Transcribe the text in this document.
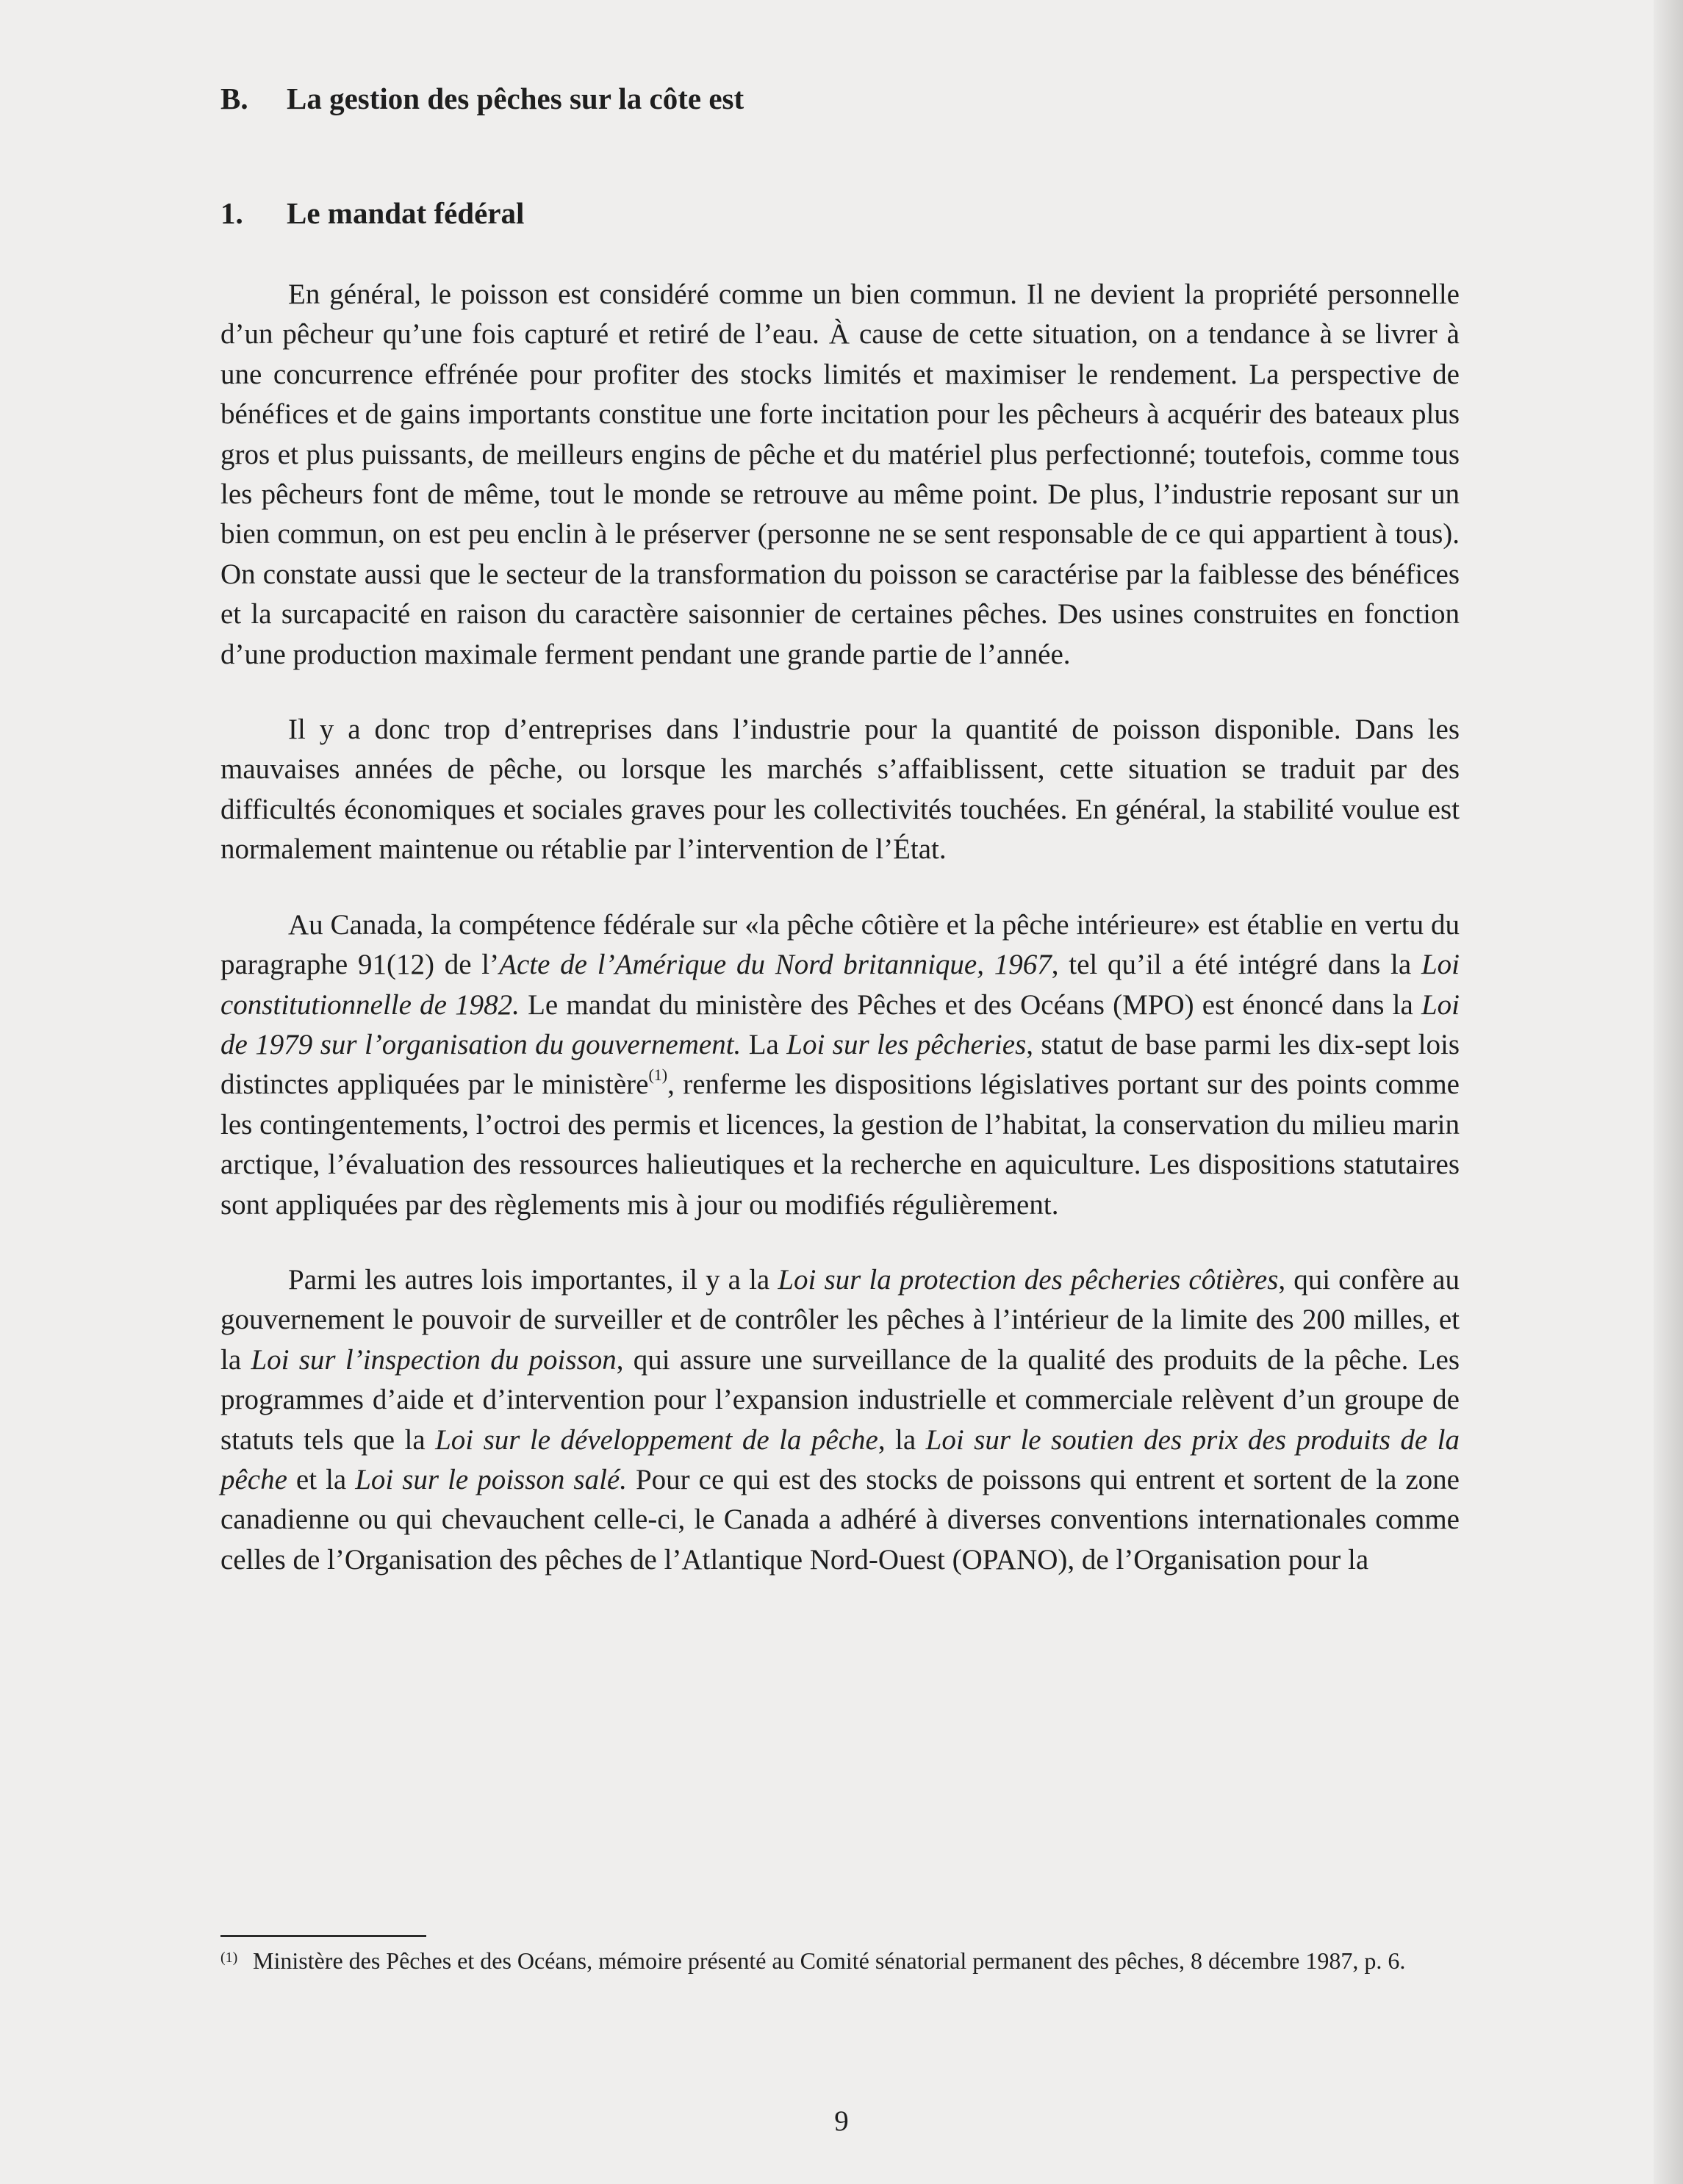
B.	La gestion des pêches sur la côte est
1.	Le mandat fédéral

En général, le poisson est considéré comme un bien commun. Il ne devient la propriété personnelle d’un pêcheur qu’une fois capturé et retiré de l’eau. À cause de cette situation, on a tendance à se livrer à une concurrence effrénée pour profiter des stocks limités et maximiser le rendement. La perspective de bénéfices et de gains importants constitue une forte incitation pour les pêcheurs à acquérir des bateaux plus gros et plus puissants, de meilleurs engins de pêche et du matériel plus perfectionné; toutefois, comme tous les pêcheurs font de même, tout le monde se retrouve au même point. De plus, l’industrie reposant sur un bien commun, on est peu enclin à le préserver (personne ne se sent responsable de ce qui appartient à tous). On constate aussi que le secteur de la transformation du poisson se caractérise par la faiblesse des bénéfices et la surcapacité en raison du caractère saisonnier de certaines pêches. Des usines construites en fonction d’une production maximale ferment pendant une grande partie de l’année.

Il y a donc trop d’entreprises dans l’industrie pour la quantité de poisson disponible. Dans les mauvaises années de pêche, ou lorsque les marchés s’affaiblissent, cette situation se traduit par des difficultés économiques et sociales graves pour les collectivités touchées. En général, la stabilité voulue est normalement maintenue ou rétablie par l’intervention de l’État.

Au Canada, la compétence fédérale sur «la pêche côtière et la pêche intérieure» est établie en vertu du paragraphe 91(12) de l’Acte de l’Amérique du Nord britannique, 1967, tel qu’il a été intégré dans la Loi constitutionnelle de 1982. Le mandat du ministère des Pêches et des Océans (MPO) est énoncé dans la Loi de 1979 sur l’organisation du gouvernement. La Loi sur les pêcheries, statut de base parmi les dix-sept lois distinctes appliquées par le ministère$^{(1)}$, renferme les dispositions législatives portant sur des points comme les contingentements, l’octroi des permis et licences, la gestion de l’habitat, la conservation du milieu marin arctique, l’évaluation des ressources halieutiques et la recherche en aquiculture. Les dispositions statutaires sont appliquées par des règlements mis à jour ou modifiés régulièrement.

Parmi les autres lois importantes, il y a la Loi sur la protection des pêcheries côtières, qui confère au gouvernement le pouvoir de surveiller et de contrôler les pêches à l’intérieur de la limite des 200 milles, et la Loi sur l’inspection du poisson, qui assure une surveillance de la qualité des produits de la pêche. Les programmes d’aide et d’intervention pour l’expansion industrielle et commerciale relèvent d’un groupe de statuts tels que la Loi sur le développement de la pêche, la Loi sur le soutien des prix des produits de la pêche et la Loi sur le poisson salé. Pour ce qui est des stocks de poissons qui entrent et sortent de la zone canadienne ou qui chevauchent celle-ci, le Canada a adhéré à diverses conventions internationales comme celles de l’Organisation des pêches de l’Atlantique Nord-Ouest (OPANO), de l’Organisation pour la

(1) Ministère des Pêches et des Océans, mémoire présenté au Comité sénatorial permanent des pêches, 8 décembre 1987, p. 6.
9
